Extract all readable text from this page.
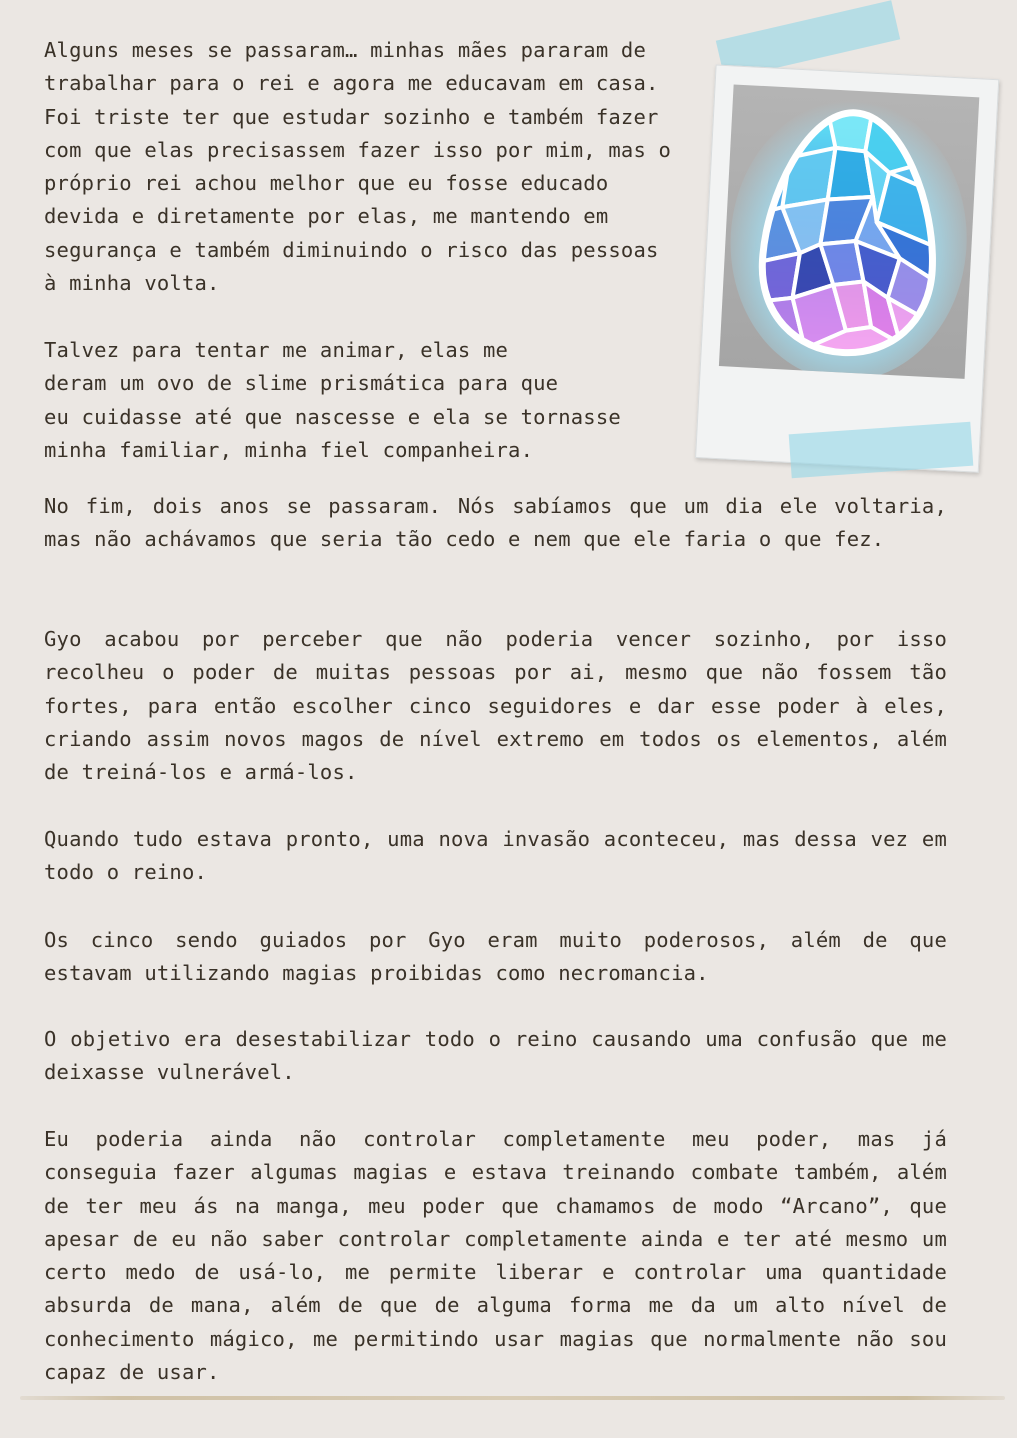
Alguns meses se passaram… minhas mães pararam de
trabalhar para o rei e agora me educavam em casa.
Foi triste ter que estudar sozinho e também fazer
com que elas precisassem fazer isso por mim, mas o
próprio rei achou melhor que eu fosse educado
devida e diretamente por elas, me mantendo em
segurança e também diminuindo o risco das pessoas
à minha volta.

Talvez para tentar me animar, elas me
deram um ovo de slime prismática para que
eu cuidasse até que nascesse e ela se tornasse
minha familiar, minha fiel companheira.

No fim, dois anos se passaram. Nós sabíamos que um dia ele voltaria, mas não achávamos que seria tão cedo e nem que ele faria o que fez.

Gyo acabou por perceber que não poderia vencer sozinho, por isso recolheu o poder de muitas pessoas por ai, mesmo que não fossem tão fortes, para então escolher cinco seguidores e dar esse poder à eles, criando assim novos magos de nível extremo em todos os elementos, além de treiná-los e armá-los.

Quando tudo estava pronto, uma nova invasão aconteceu, mas dessa vez em todo o reino.

Os cinco sendo guiados por Gyo eram muito poderosos, além de que estavam utilizando magias proibidas como necromancia.

O objetivo era desestabilizar todo o reino causando uma confusão que me deixasse vulnerável.

Eu poderia ainda não controlar completamente meu poder, mas já conseguia fazer algumas magias e estava treinando combate também, além de ter meu ás na manga, meu poder que chamamos de modo “Arcano”, que apesar de eu não saber controlar completamente ainda e ter até mesmo um certo medo de usá-lo, me permite liberar e controlar uma quantidade absurda de mana, além de que de alguma forma me da um alto nível de conhecimento mágico, me permitindo usar magias que normalmente não sou capaz de usar.
